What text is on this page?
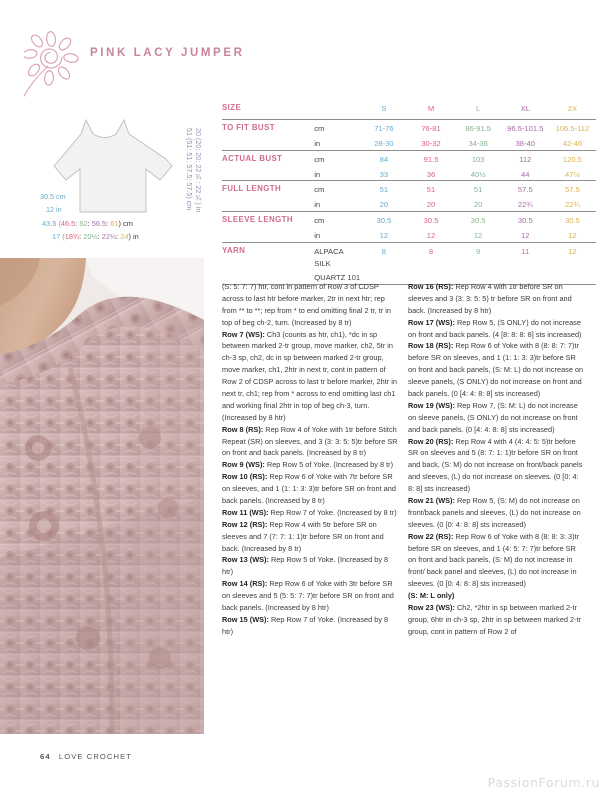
PINK LACY JUMPER
30.5 cm
12 in
43.5 (46.5: 52: 56.5: 61) cm
17 (18¾: 20½: 22¼: 24) in
51 (51: 51: 57.5: 57.5) cm 20 (20: 20: 22¾: 22¾) in
SIZE		S	M	L	XL	2X

TO FIT BUST	cm	71-76	76-81	86-91.5	96.5-101.5	106.5-112
	in	28-30	30-32	34-36	38-40	42-46

ACTUAL BUST	cm	84	91.5	103	112	120.5
	in	33	36	40½	44	47½

FULL LENGTH	cm	51	51	51	57.5	57.5
	in	20	20	20	22¾	22¾

SLEEVE LENGTH	cm	30.5	30.5	30.5	30.5	30.5
	in	12	12	12	12	12

YARN	ALPACA SILK	8	8	9	11	12
	QUARTZ 101					

(S: 5: 7: 7) htr, cont in pattern of Row 3 of CDSP across to last htr before marker, 2tr in next htr; rep from ** to **; rep from * to end omitting final 2 tr, tr in top of beg ch-2, turn. (Increased by 8 tr)

Row 7 (WS): Ch3 (counts as htr, ch1), *dc in sp between marked 2-tr group, move marker, ch2, 5tr in ch-3 sp, ch2, dc in sp between marked 2-tr group, move marker, ch1, 2htr in next tr, cont in pattern of Row 2 of CDSP across to last tr before marker, 2htr in next tr, ch1; rep from * across to end omitting last ch1 and working final 2htr in top of beg ch-3, turn. (Increased by 8 htr)

Row 8 (RS): Rep Row 4 of Yoke with 1tr before Stitch Repeat (SR) on sleeves, and 3 (3: 3: 5: 5)tr before SR on front and back panels. (Increased by 8 tr)

Row 9 (WS): Rep Row 5 of Yoke. (Increased by 8 tr)

Row 10 (RS): Rep Row 6 of Yoke with 7tr before SR on sleeves, and 1 (1: 1: 3: 3)tr before SR on front and back panels. (Increased by 8 tr)

Row 11 (WS): Rep Row 7 of Yoke. (Increased by 8 tr)

Row 12 (RS): Rep Row 4 with 5tr before SR on sleeves and 7 (7: 7: 1: 1)tr before SR on front and back. (Increased by 8 tr)

Row 13 (WS): Rep Row 5 of Yoke. (Increased by 8 htr)

Row 14 (RS): Rep Row 6 of Yoke with 3tr before SR on sleeves and 5 (5: 5: 7: 7)tr before SR on front and back panels. (Increased by 8 htr)

Row 15 (WS): Rep Row 7 of Yoke. (Increased by 8 htr)

Row 16 (RS): Rep Row 4 with 1tr before SR on sleeves and 3 (3: 3: 5: 5) tr before SR on front and back. (Increased by 8 htr)

Row 17 (WS): Rep Row 5, (S ONLY) do not increase on front and back panels. (4 [8: 8: 8: 8] sts increased)

Row 18 (RS): Rep Row 6 of Yoke with 8 (8: 8: 7: 7)tr before SR on sleeves, and 1 (1: 1: 3: 3)tr before SR on front and back panels, (S: M: L) do not increase on sleeve panels, (S ONLY) do not increase on front and back panels. (0 [4: 4: 8: 8] sts increased)

Row 19 (WS): Rep Row 7, (S: M: L) do not increase on sleeve panels, (S ONLY) do not increase on front and back panels. (0 [4: 4: 8: 8] sts increased)

Row 20 (RS): Rep Row 4 with 4 (4: 4: 5: 5)tr before SR on sleeves and 5 (8: 7: 1: 1)tr before SR on front and back, (S: M) do not increase on front/back panels and sleeves, (L) do not increase on sleeves. (0 [0: 4: 8: 8] sts increased)

Row 21 (WS): Rep Row 5, (S: M) do not increase on front/back panels and sleeves, (L) do not increase on sleeves. (0 [0: 4: 8: 8] sts increased)

Row 22 (RS): Rep Row 6 of Yoke with 8 (8: 8: 3: 3)tr before SR on sleeves, and 1 (4: 5: 7: 7)tr before SR on front and back panels, (S: M) do not increase in front/ back panel and sleeves, (L) do not increase in sleeves. (0 [0: 4: 8: 8] sts increased)

(S: M: L only)

Row 23 (WS): Ch2, *2htr in sp between marked 2-tr group, 6htr in ch-3 sp, 2htr in sp between marked 2-tr group, cont in pattern of Row 2 of

64 LOVE CROCHET
PassionForum.ru
